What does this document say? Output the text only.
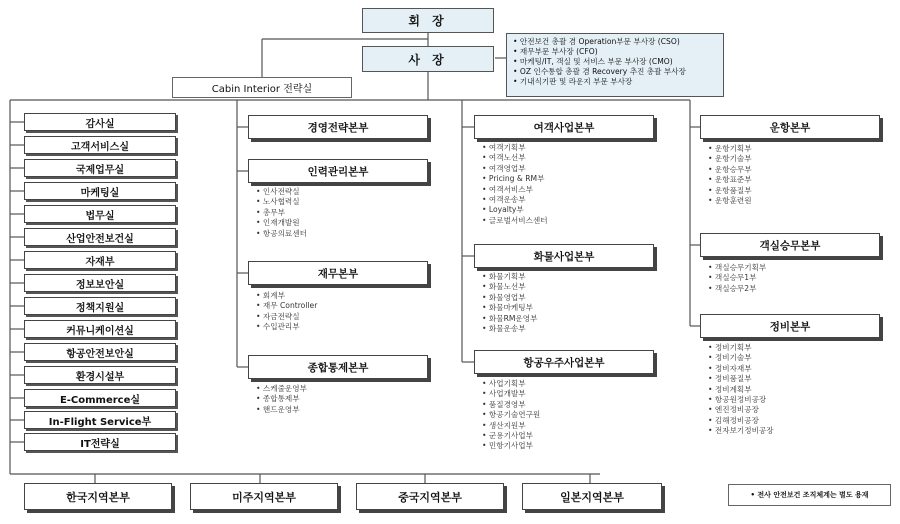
회 장
사 장
Cabin Interior 전략실
• 안전보건 총괄 겸 Operation부문 부사장 (CSO)
• 재무부문 부사장 (CFO)
• 마케팅/IT, 객실 및 서비스 부문 부사장 (CMO)
• OZ 인수통합 총괄 겸 Recovery 추진 총괄 부사장
• 기내식기판 및 라운지 부문 부사장
감사실
고객서비스실
국제업무실
마케팅실
법무실
산업안전보건실
자재부
정보보안실
정책지원실
커뮤니케이션실
항공안전보안실
환경시설부
E-Commerce실
In-Flight Service부
IT전략실
경영전략본부
인력관리본부
• 인사전략실
• 노사협력실
• 총무부
• 인재개발원
• 항공의료센터
재무본부
• 회계부
• 재무 Controller
• 자금전략실
• 수입관리부
종합통제본부
• 스케줄운영부
• 종합통제부
• 핸드운영부
여객사업본부
• 여객기획부
• 여객노선부
• 여객영업부
• Pricing & RM부
• 여객서비스부
• 여객운송부
• Loyalty부
• 글로벌서비스센터
화물사업본부
• 화물기획부
• 화물노선부
• 화물영업부
• 화물마케팅부
• 화물RM운영부
• 화물운송부
항공우주사업본부
• 사업기획부
• 사업개발부
• 품질경영부
• 항공기술연구원
• 생산지원부
• 군용기사업부
• 민항기사업부
운항본부
• 운항기획부
• 운항기술부
• 운항승무부
• 운항표준부
• 운항품질부
• 운항훈련원
객실승무본부
• 객실승무기획부
• 객실승무1부
• 객실승무2부
정비본부
• 정비기획부
• 정비기술부
• 정비자재부
• 정비품질부
• 정비계획부
• 항공원정비공장
• 엔진정비공장
• 김해정비공장
• 전자보기정비공장
한국지역본부	미주지역본부	중국지역본부	일본지역본부
•	전사 안전보건 조직체계는 별도 용재
